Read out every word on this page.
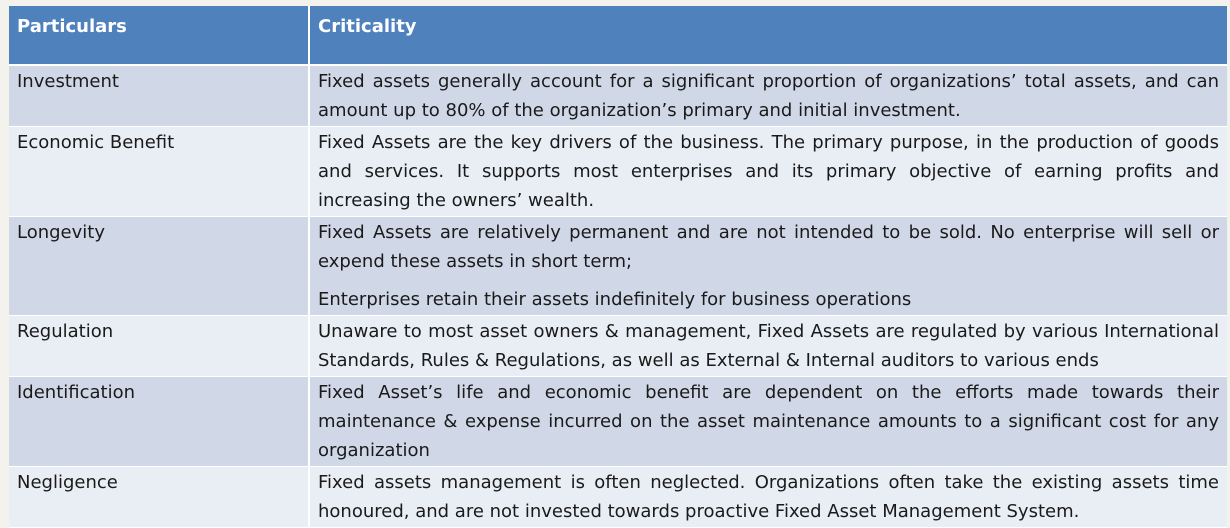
Particulars	Criticality
Investment	Fixed assets generally account for a significant proportion of organizations’ total assets, and can amount up to 80% of the organization’s primary and initial investment.

Economic Benefit	Fixed Assets are the key drivers of the business. The primary purpose, in the production of goods and services. It supports most enterprises and its primary objective of earning profits and increasing the owners’ wealth.

Longevity	Fixed Assets are relatively permanent and are not intended to be sold. No enterprise will sell or expend these assets in short term;
Enterprises retain their assets indefinitely for business operations

Regulation	Unaware to most asset owners & management, Fixed Assets are regulated by various International Standards, Rules & Regulations, as well as External & Internal auditors to various ends

Identification	Fixed Asset’s life and economic benefit are dependent on the efforts made towards their maintenance & expense incurred on the asset maintenance amounts to a significant cost for any organization

Negligence	Fixed assets management is often neglected. Organizations often take the existing assets time honoured, and are not invested towards proactive Fixed Asset Management System.
